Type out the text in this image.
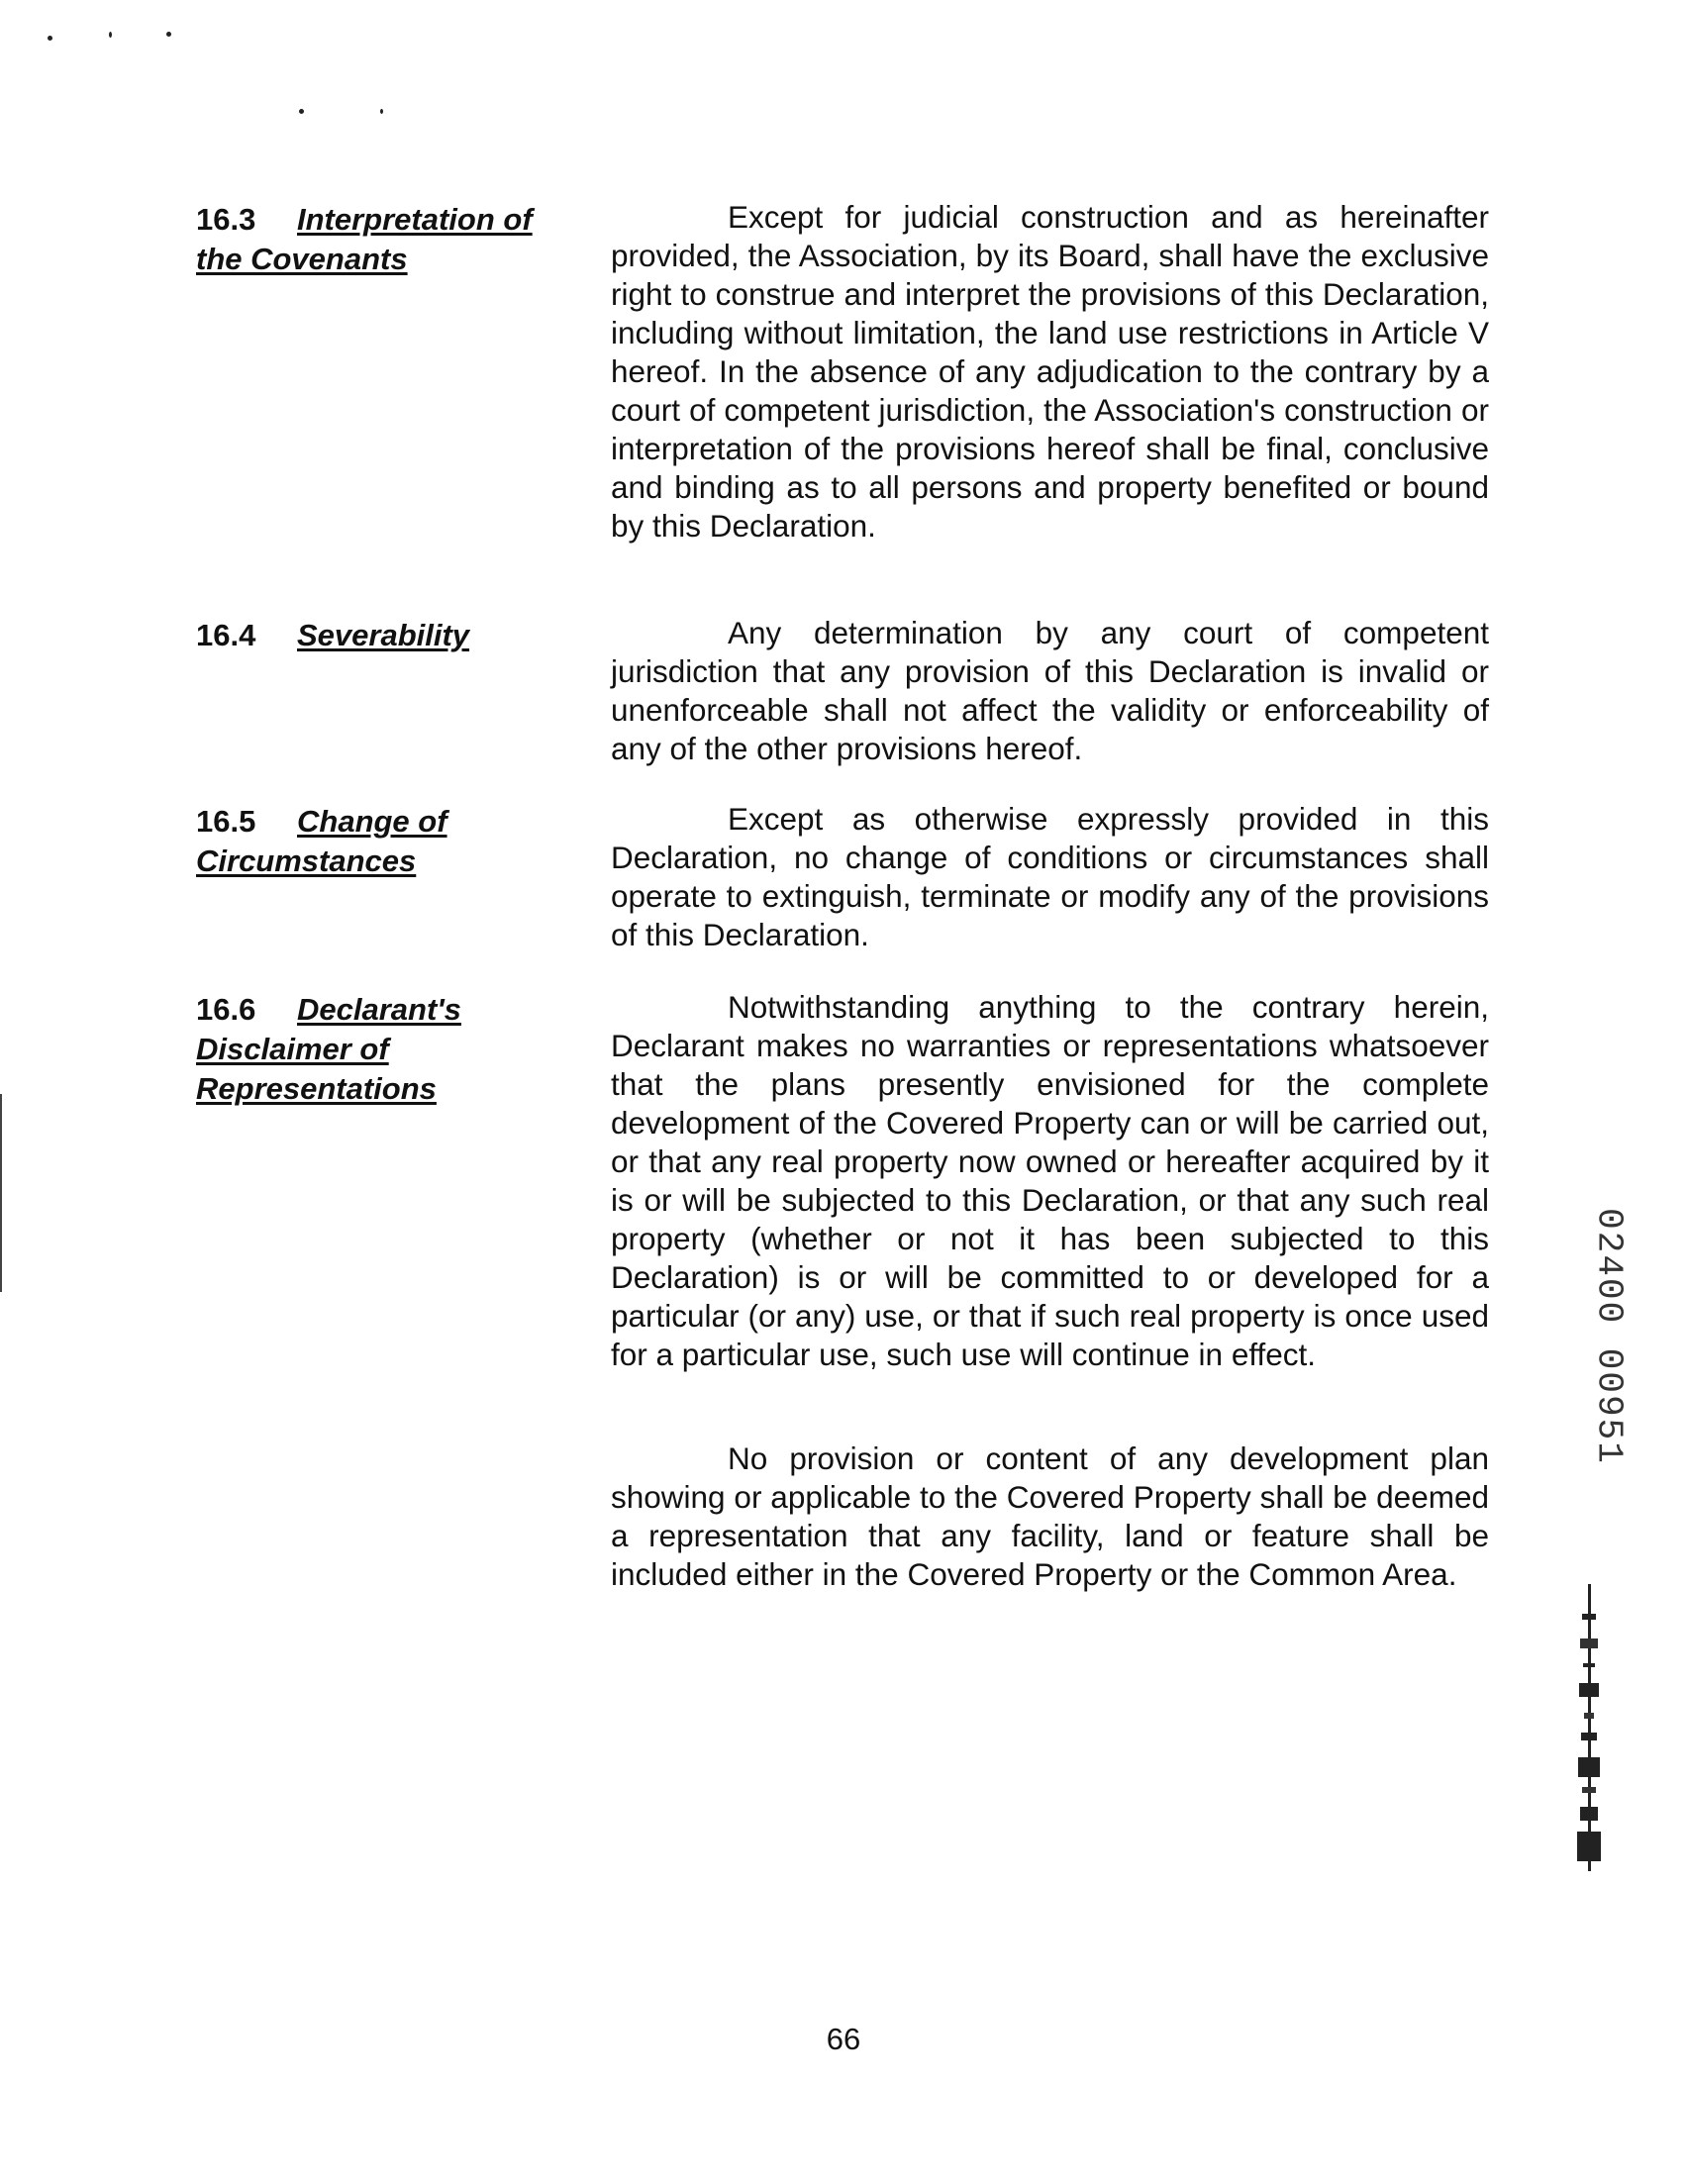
16.3 Interpretation of the Covenants
Except for judicial construction and as hereinafter provided, the Association, by its Board, shall have the exclusive right to construe and interpret the provisions of this Declaration, including without limitation, the land use restrictions in Article V hereof. In the absence of any adjudication to the contrary by a court of competent jurisdiction, the Association's construction or interpretation of the provisions hereof shall be final, conclusive and binding as to all persons and property benefited or bound by this Declaration.
16.4 Severability	Any determination by any court of competent jurisdiction that any provision of this Declaration is invalid or unenforceable shall not affect the validity or enforceability of any of the other provisions hereof.
16.5 Change of Circumstances
Except as otherwise expressly provided in this Declaration, no change of conditions or circumstances shall operate to extinguish, terminate or modify any of the provisions of this Declaration.
16.6 Declarant's Disclaimer of Representations
Notwithstanding anything to the contrary herein, Declarant makes no warranties or representations whatsoever that the plans presently envisioned for the complete development of the Covered Property can or will be carried out, or that any real property now owned or hereafter acquired by it is or will be subjected to this Declaration, or that any such real property (whether or not it has been subjected to this Declaration) is or will be committed to or developed for a particular (or any) use, or that if such real property is once used for a particular use, such use will continue in effect.
No provision or content of any development plan showing or applicable to the Covered Property shall be deemed a representation that any facility, land or feature shall be included either in the Covered Property or the Common Area.
66
02400 00951
